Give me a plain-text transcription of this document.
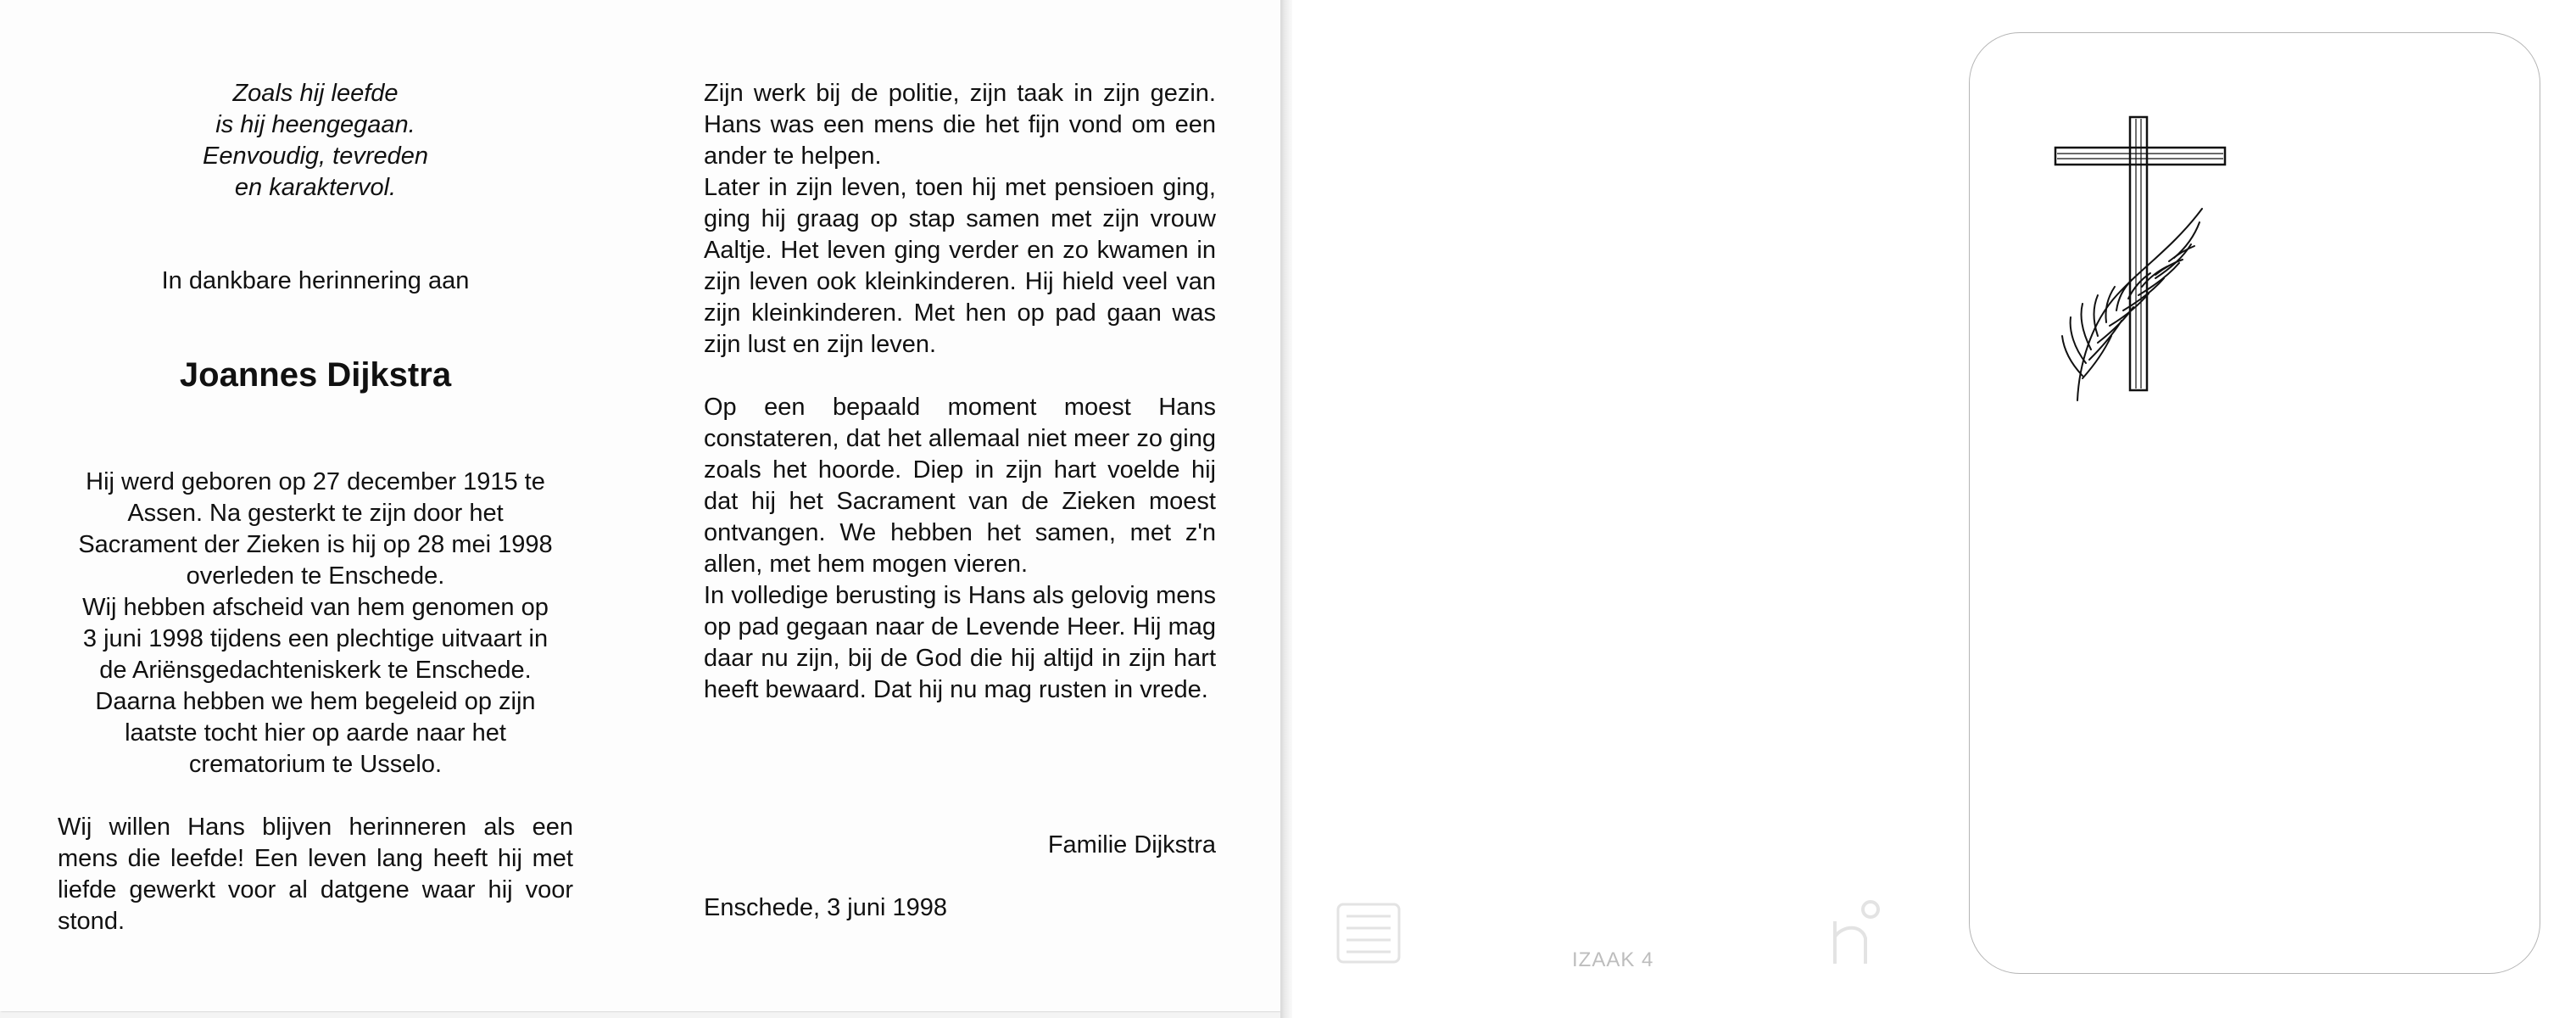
Zoals hij leefde
is hij heengegaan.
Eenvoudig, tevreden
en karaktervol.

In dankbare herinnering aan

Joannes Dijkstra

Hij werd geboren op 27 december 1915 te
Assen. Na gesterkt te zijn door het
Sacrament der Zieken is hij op 28 mei 1998
overleden te Enschede.
Wij hebben afscheid van hem genomen op
3 juni 1998 tijdens een plechtige uitvaart in
de Ariënsgedachteniskerk te Enschede.
Daarna hebben we hem begeleid op zijn
laatste tocht hier op aarde naar het
crematorium te Usselo.

Wij willen Hans blijven herinneren als een mens die leefde! Een leven lang heeft hij met liefde gewerkt voor al datgene waar hij voor stond.

Zijn werk bij de politie, zijn taak in zijn gezin. Hans was een mens die het fijn vond om een ander te helpen.

Later in zijn leven, toen hij met pensioen ging, ging hij graag op stap samen met zijn vrouw Aaltje. Het leven ging verder en zo kwamen in zijn leven ook kleinkinderen. Hij hield veel van zijn kleinkinderen. Met hen op pad gaan was zijn lust en zijn leven.

Op een bepaald moment moest Hans constateren, dat het allemaal niet meer zo ging zoals het hoorde. Diep in zijn hart voelde hij dat hij het Sacrament van de Zieken moest ontvangen. We hebben het samen, met z'n allen, met hem mogen vieren.

In volledige berusting is Hans als gelovig mens op pad gegaan naar de Levende Heer. Hij mag daar nu zijn, bij de God die hij altijd in zijn hart heeft bewaard. Dat hij nu mag rusten in vrede.

Familie Dijkstra
Enschede, 3 juni 1998
IZAAK 4
